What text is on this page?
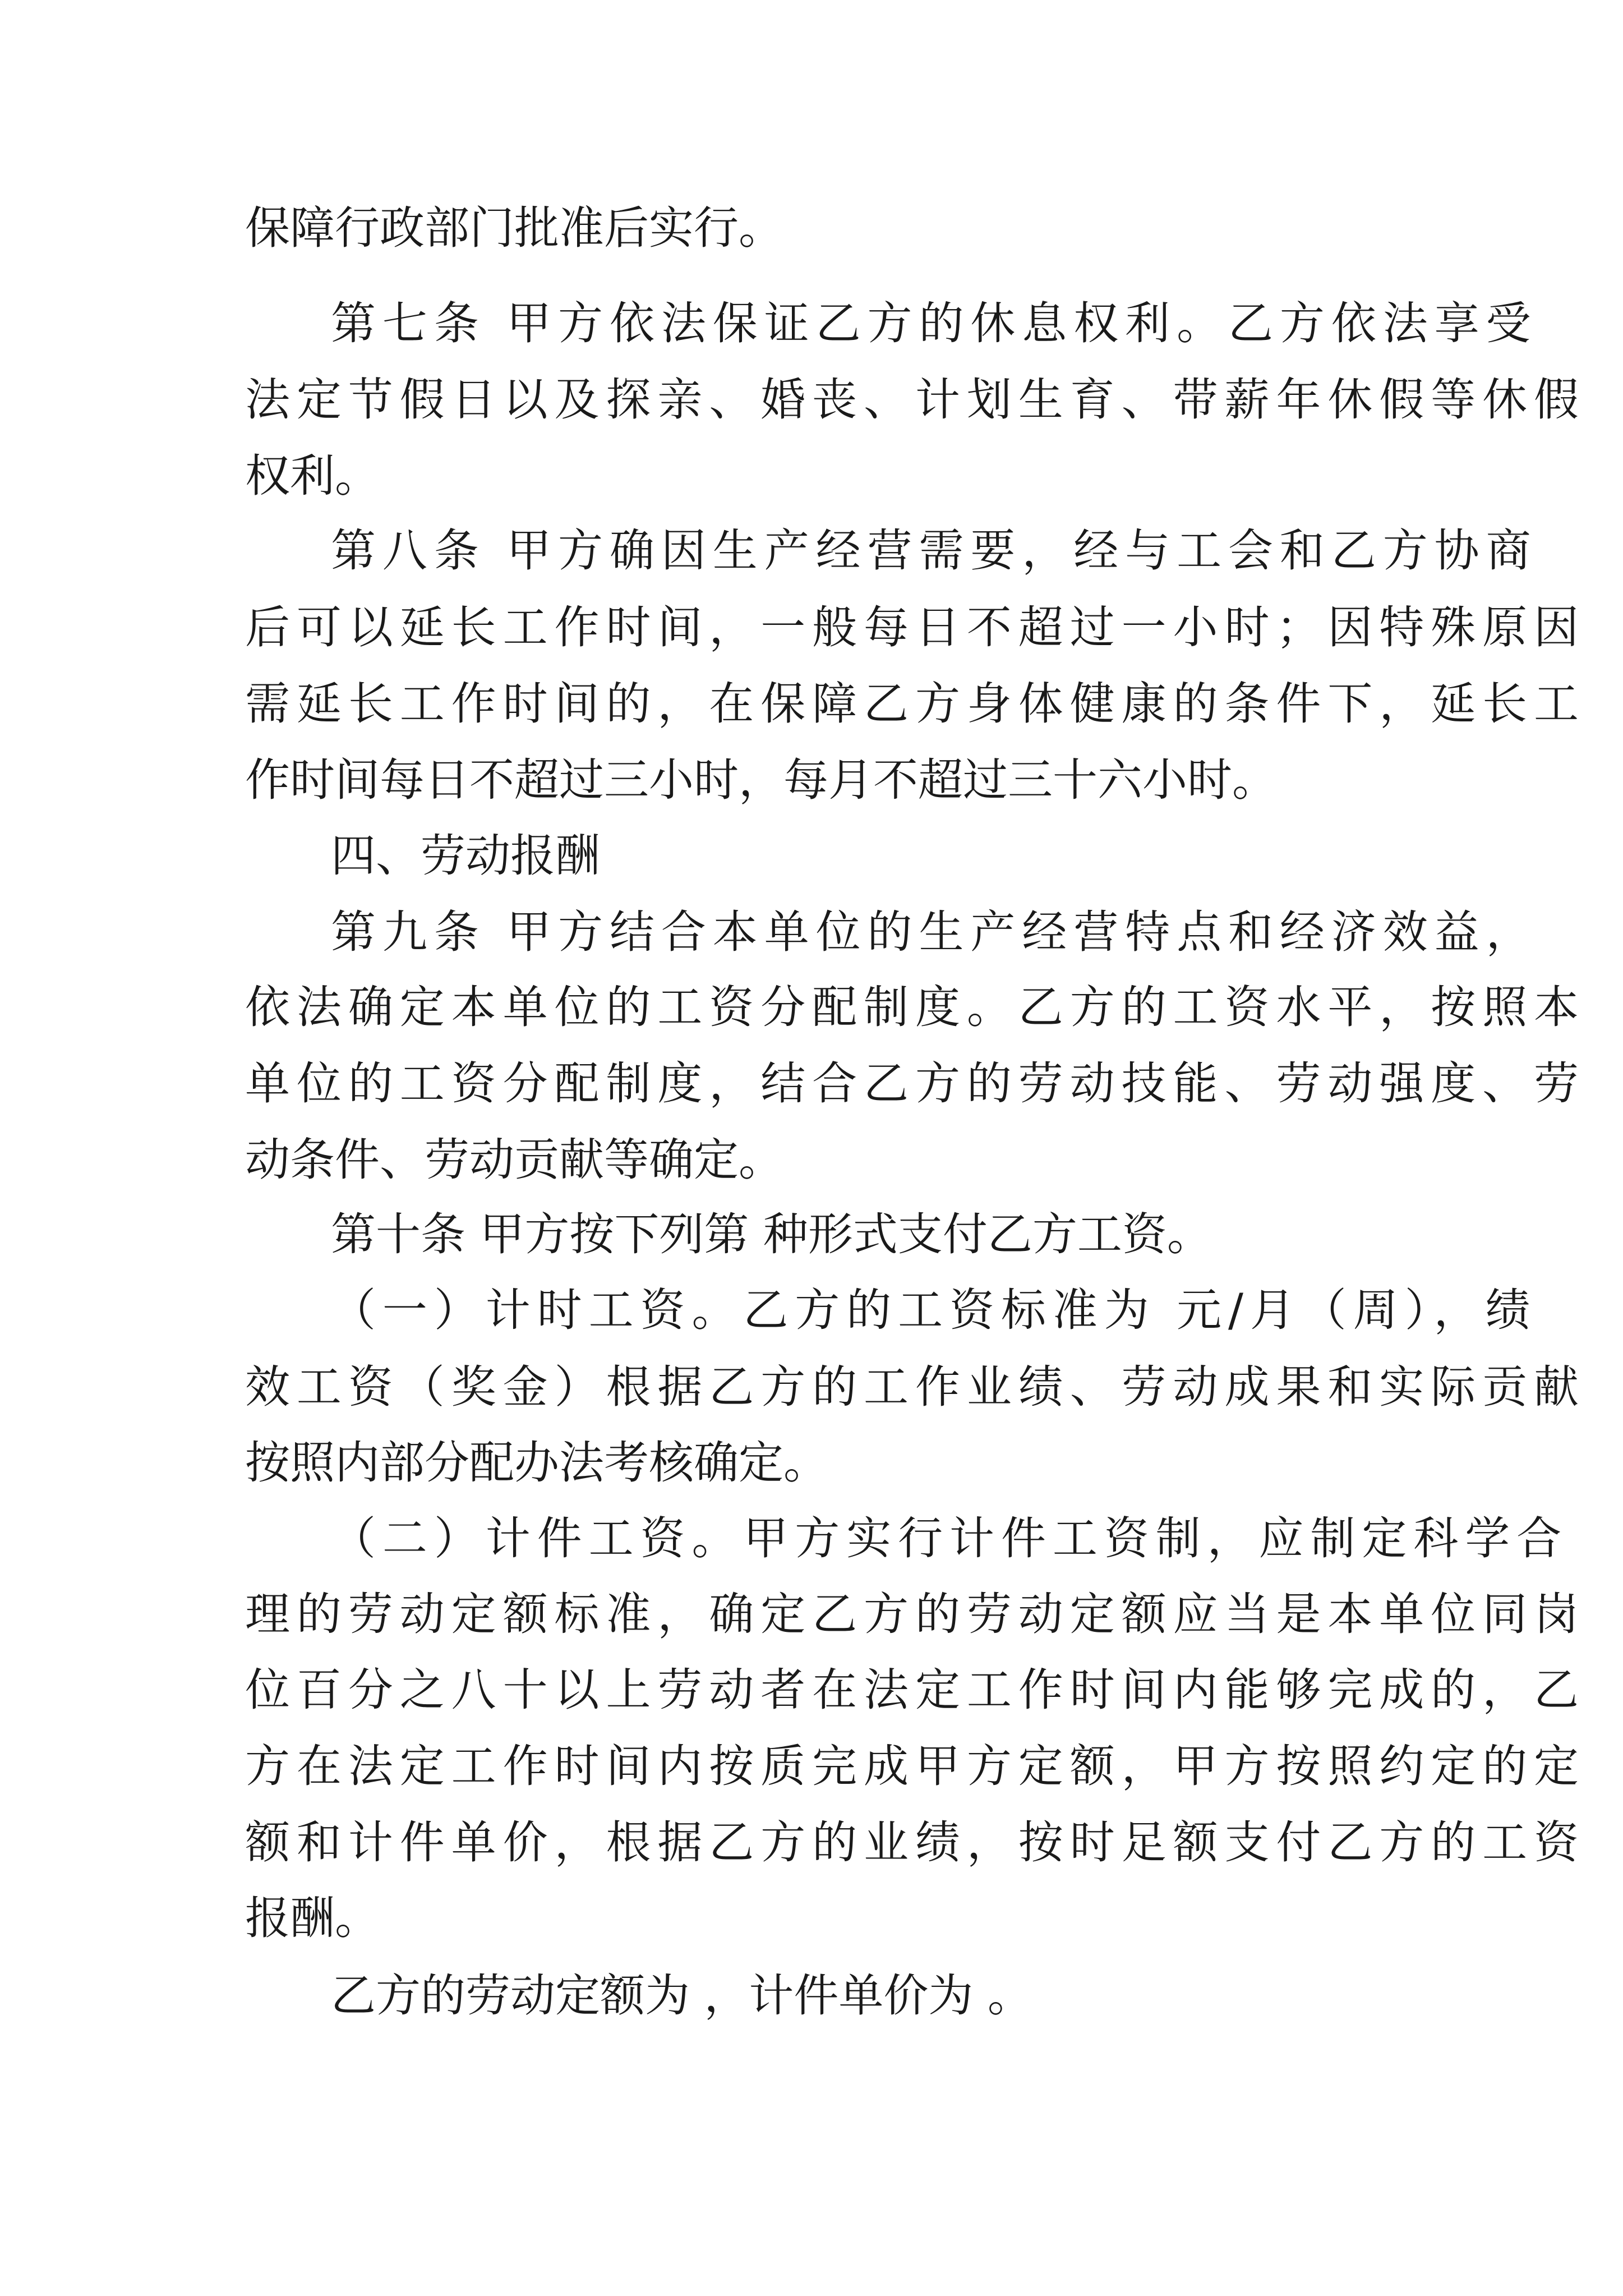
保障行政部门批准后实行。

第七条 甲方依法保证乙方的休息权利。乙方依法享受

法定节假日以及探亲、婚丧、计划生育、带薪年休假等休假

权利。

第八条 甲方确因生产经营需要，经与工会和乙方协商

后可以延长工作时间，一般每日不超过一小时；因特殊原因

需延长工作时间的，在保障乙方身体健康的条件下，延长工

作时间每日不超过三小时，每月不超过三十六小时。

四、劳动报酬

第九条 甲方结合本单位的生产经营特点和经济效益，

依法确定本单位的工资分配制度。乙方的工资水平，按照本

单位的工资分配制度，结合乙方的劳动技能、劳动强度、劳

动条件、劳动贡献等确定。

第十条 甲方按下列第 种形式支付乙方工资。

（一）计时工资。乙方的工资标准为 元/月（周），绩

效工资（奖金）根据乙方的工作业绩、劳动成果和实际贡献

按照内部分配办法考核确定。

（二）计件工资。甲方实行计件工资制，应制定科学合

理的劳动定额标准，确定乙方的劳动定额应当是本单位同岗

位百分之八十以上劳动者在法定工作时间内能够完成的，乙

方在法定工作时间内按质完成甲方定额，甲方按照约定的定

额和计件单价，根据乙方的业绩，按时足额支付乙方的工资

报酬。

乙方的劳动定额为 ，计件单价为 。
